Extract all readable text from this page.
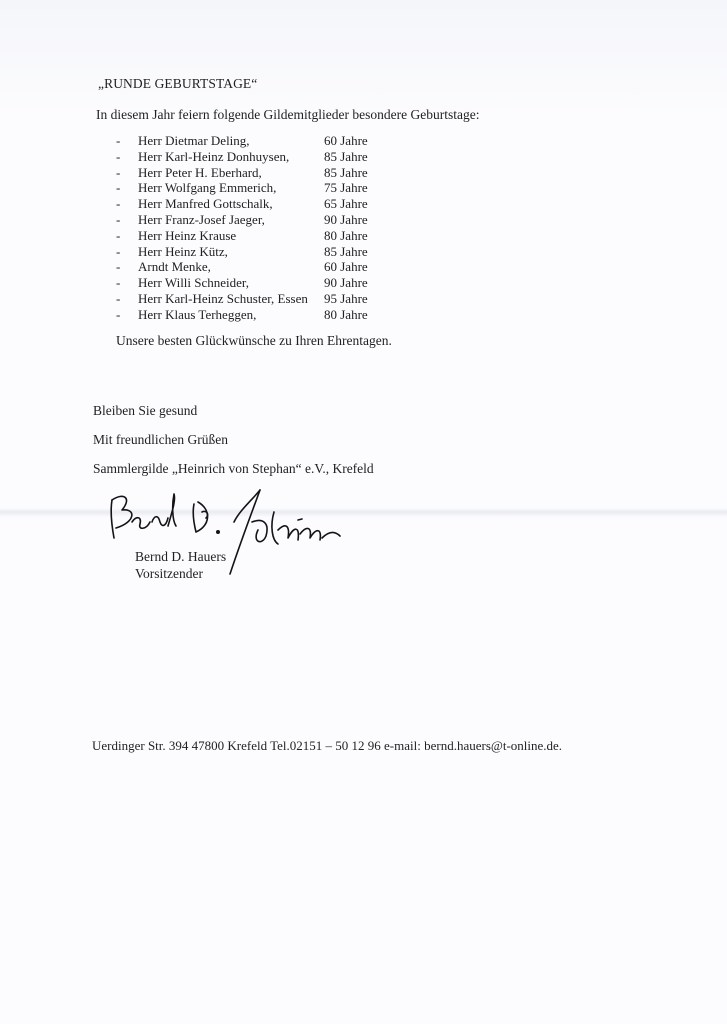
„RUNDE GEBURTSTAGE“
In diesem Jahr feiern folgende Gildemitglieder besondere Geburtstage:
- Herr Dietmar Deling,	60 Jahre
- Herr Karl-Heinz Donhuysen,	85 Jahre
- Herr Peter H. Eberhard,	85 Jahre
- Herr Wolfgang Emmerich,	75 Jahre
- Herr Manfred Gottschalk,	65 Jahre
- Herr Franz-Josef Jaeger,	90 Jahre
- Herr Heinz Krause	80 Jahre
- Herr Heinz Kütz,	85 Jahre
- Arndt Menke,	60 Jahre
- Herr Willi Schneider,	90 Jahre
- Herr Karl-Heinz Schuster, Essen 95 Jahre
- Herr Klaus Terheggen,	80 Jahre
Unsere besten Glückwünsche zu Ihren Ehrentagen.
Bleiben Sie gesund
Mit freundlichen Grüßen
Sammlergilde „Heinrich von Stephan“ e.V., Krefeld
Bernd D. Hauers
Vorsitzender
Uerdinger Str. 394 47800 Krefeld Tel.02151 – 50 12 96 e-mail: bernd.hauers@t-online.de.
